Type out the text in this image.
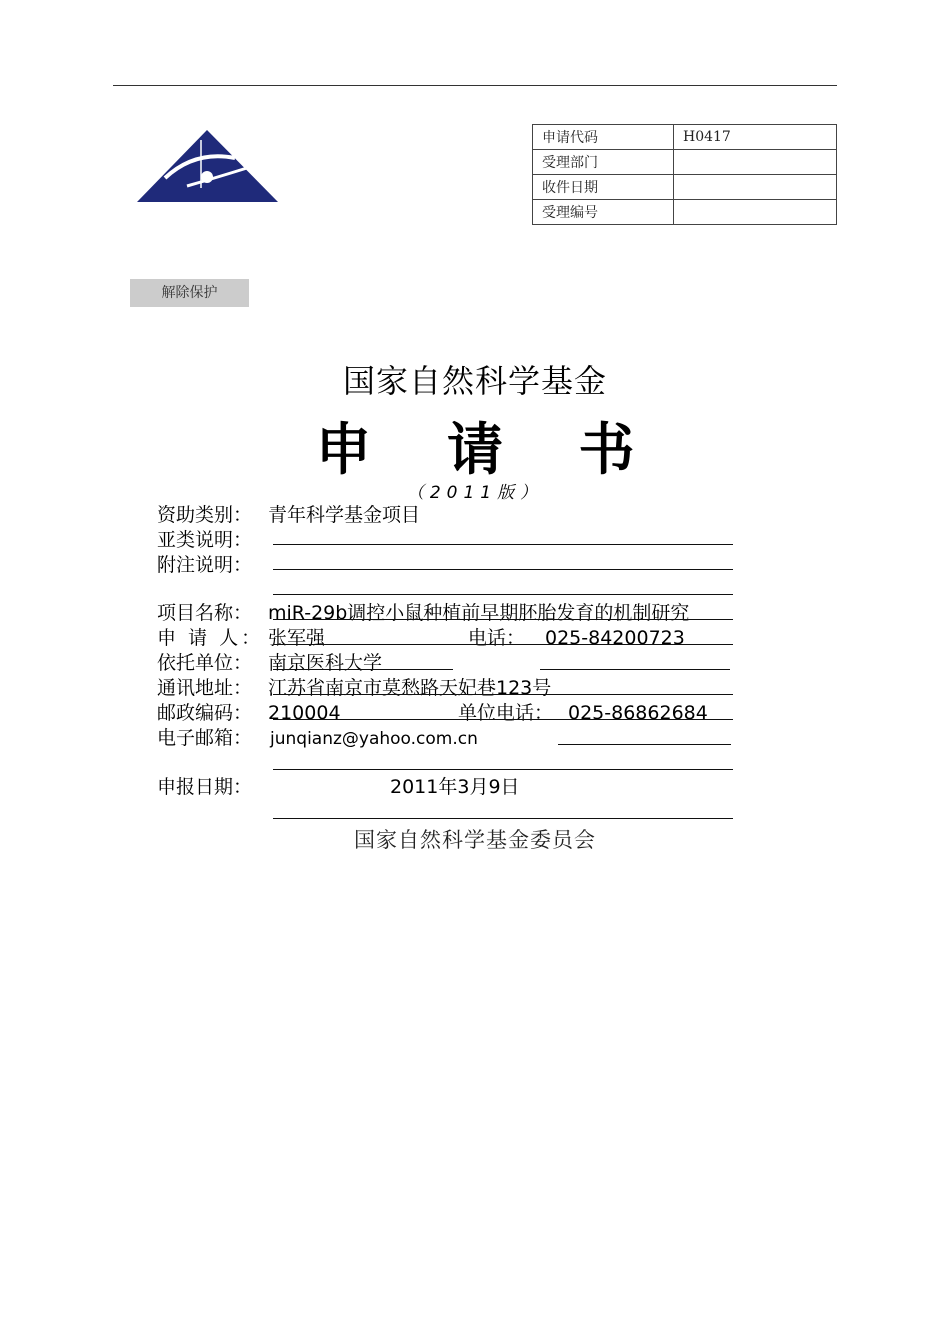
申请代码	H0417
受理部门	
收件日期	
受理编号	
解除保护
国家自然科学基金
申 请 书
（2011版）
资助类别： 青年科学基金项目
亚类说明：
附注说明：
项目名称： miR-29b调控小鼠种植前早期胚胎发育的机制研究
申 请 人： 张军强	电话： 025-84200723
依托单位： 南京医科大学
通讯地址： 江苏省南京市莫愁路天妃巷123号
邮政编码： 210004	单位电话： 025-86862684
电子邮箱： junqianz@yahoo.com.cn
申报日期：	2011年3月9日
国家自然科学基金委员会
